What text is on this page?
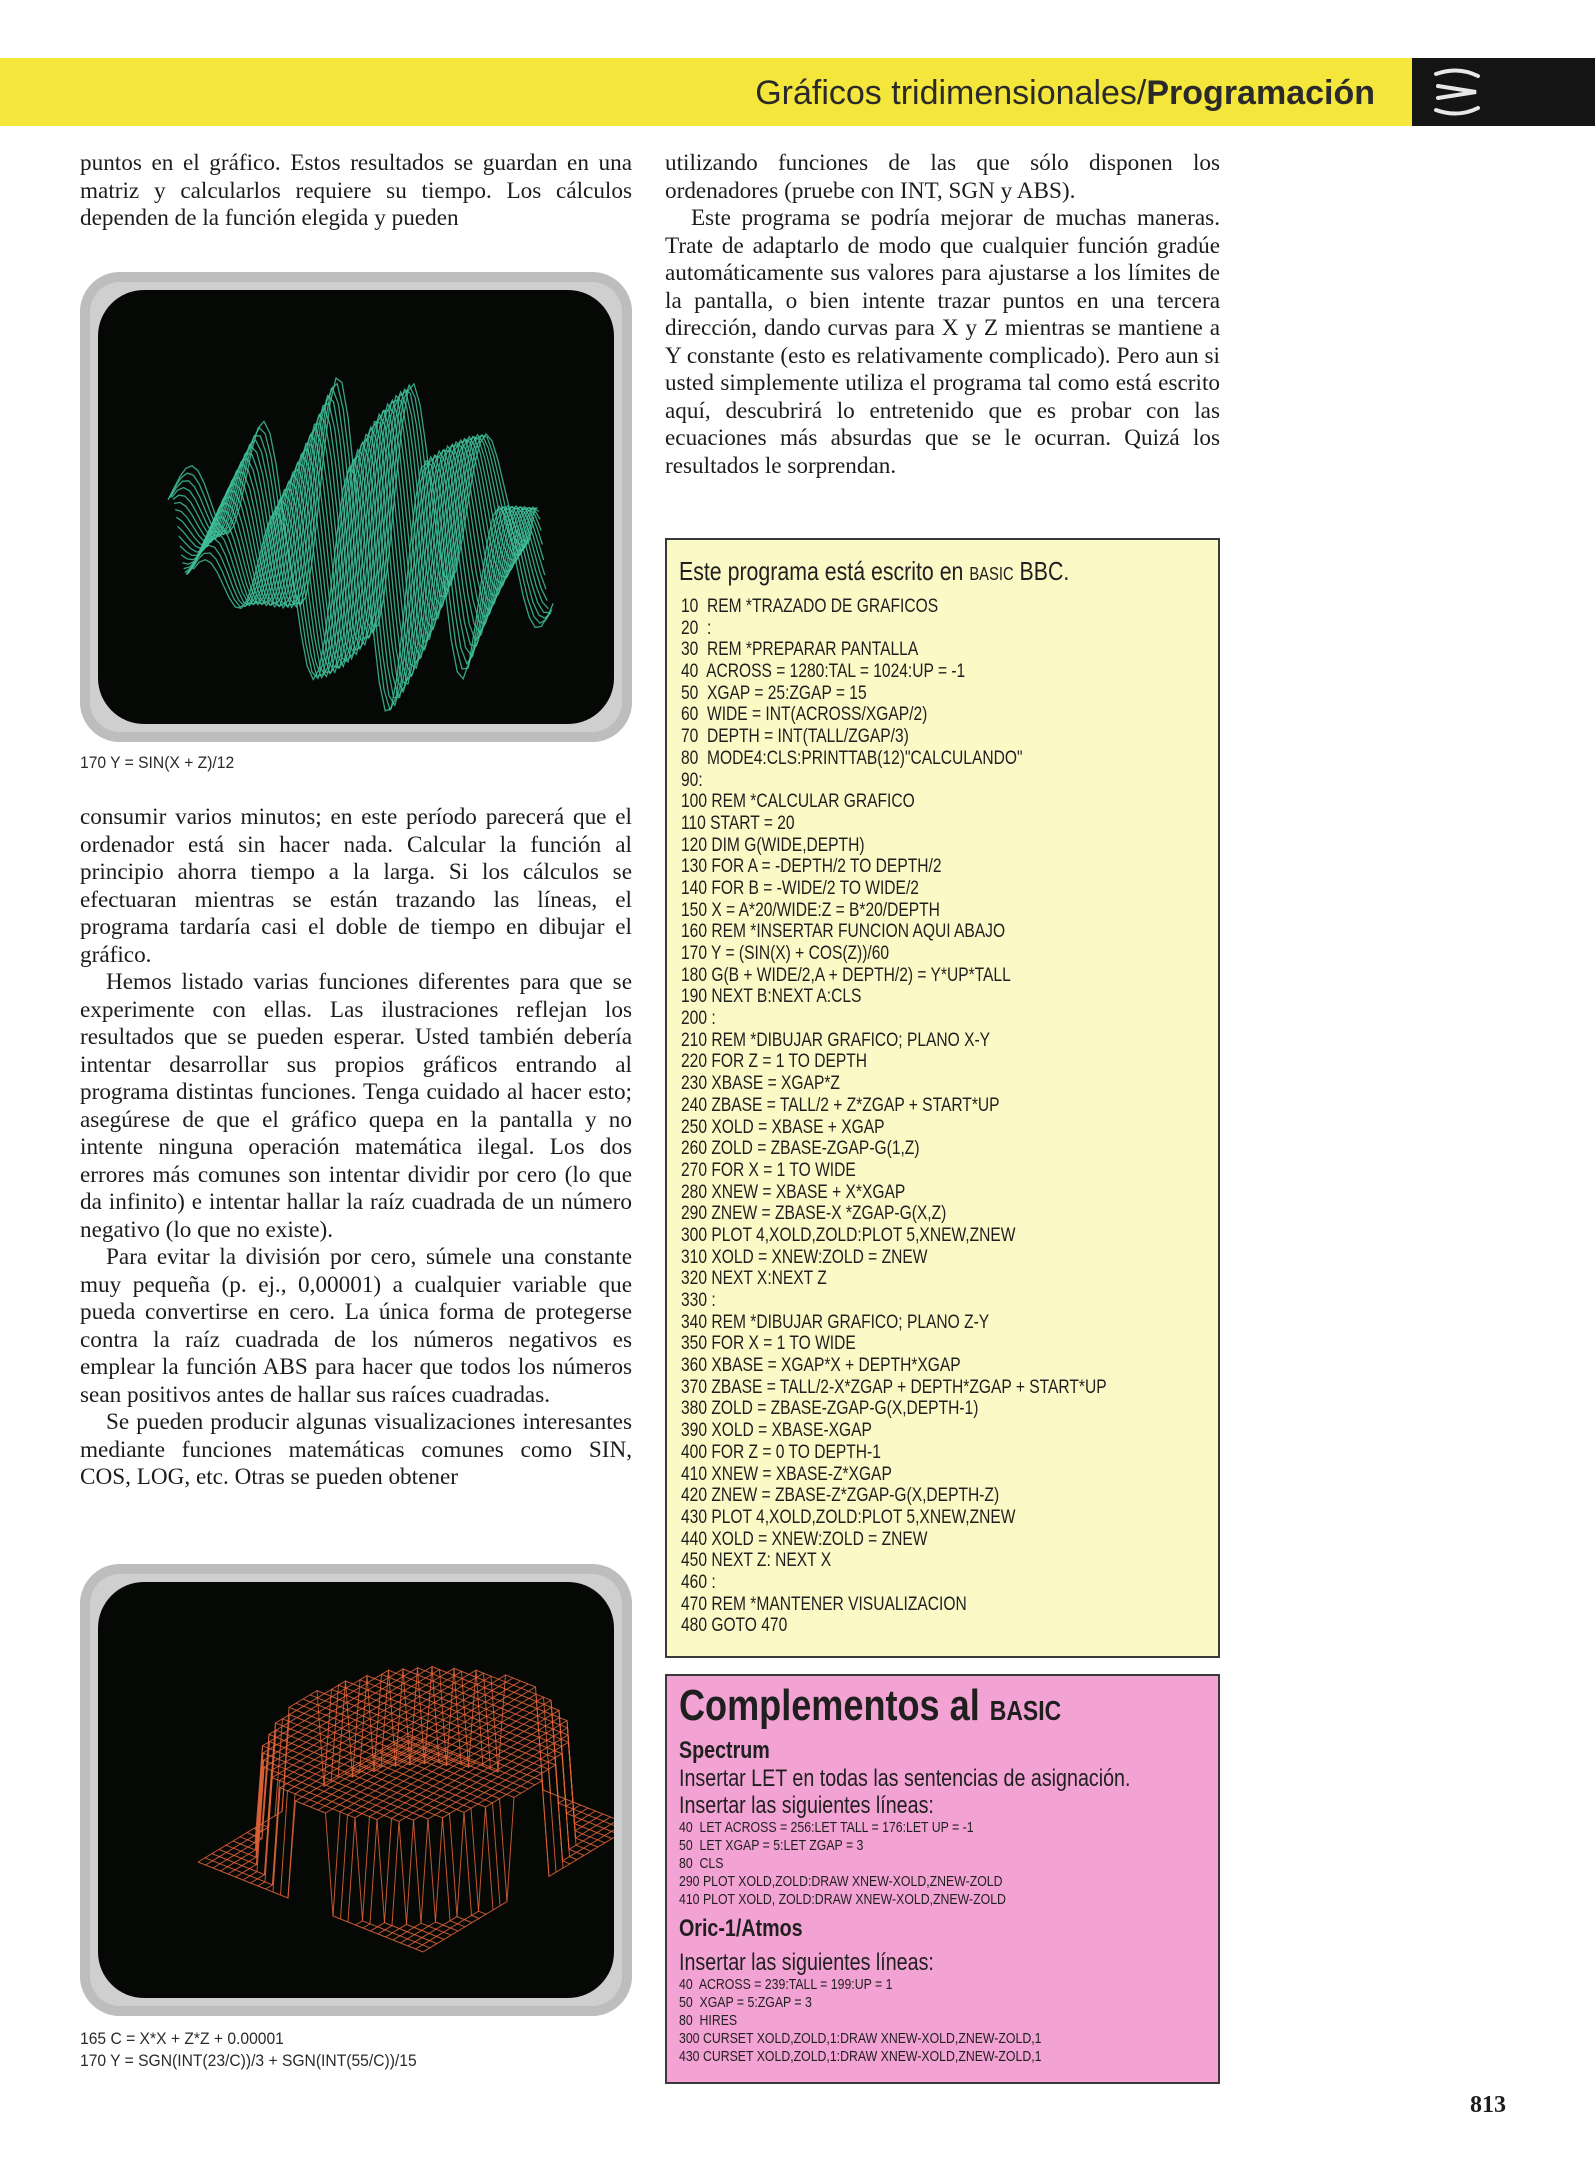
Gráficos tridimensionales/Programación

puntos en el gráfico. Estos resultados se guardan en una matriz y calcularlos requiere su tiempo. Los cálculos dependen de la función elegida y pueden

170 Y = SIN(X + Z)/12

consumir varios minutos; en este período parecerá que el ordenador está sin hacer nada. Calcular la función al principio ahorra tiempo a la larga. Si los cálculos se efectuaran mientras se están trazando las líneas, el programa tardaría casi el doble de tiempo en dibujar el gráfico.

Hemos listado varias funciones diferentes para que se experimente con ellas. Las ilustraciones reflejan los resultados que se pueden esperar. Usted también debería intentar desarrollar sus propios gráficos entrando al programa distintas funciones. Tenga cuidado al hacer esto; asegúrese de que el gráfico quepa en la pantalla y no intente ninguna operación matemática ilegal. Los dos errores más comunes son intentar dividir por cero (lo que da infinito) e intentar hallar la raíz cuadrada de un número negativo (lo que no existe).

Para evitar la división por cero, súmele una constante muy pequeña (p. ej., 0,00001) a cualquier variable que pueda convertirse en cero. La única forma de protegerse contra la raíz cuadrada de los números negativos es emplear la función ABS para hacer que todos los números sean positivos antes de hallar sus raíces cuadradas.

Se pueden producir algunas visualizaciones interesantes mediante funciones matemáticas comunes como SIN, COS, LOG, etc. Otras se pueden obtener

165 C = X*X + Z*Z + 0.00001
170 Y = SGN(INT(23/C))/3 + SGN(INT(55/C))/15

utilizando funciones de las que sólo disponen los ordenadores (pruebe con INT, SGN y ABS).

Este programa se podría mejorar de muchas maneras. Trate de adaptarlo de modo que cualquier función gradúe automáticamente sus valores para ajustarse a los límites de la pantalla, o bien intente trazar puntos en una tercera dirección, dando curvas para X y Z mientras se mantiene a Y constante (esto es relativamente complicado). Pero aun si usted simplemente utiliza el programa tal como está escrito aquí, descubrirá lo entretenido que es probar con las ecuaciones más absurdas que se le ocurran. Quizá los resultados le sorprendan.

Este programa está escrito en BASIC BBC.
10  REM *TRAZADO DE GRAFICOS
20  :
30  REM *PREPARAR PANTALLA
40  ACROSS = 1280:TAL = 1024:UP = -1
50  XGAP = 25:ZGAP = 15
60  WIDE = INT(ACROSS/XGAP/2)
70  DEPTH = INT(TALL/ZGAP/3)
80  MODE4:CLS:PRINTTAB(12)"CALCULANDO"
90:
100 REM *CALCULAR GRAFICO
110 START = 20
120 DIM G(WIDE,DEPTH)
130 FOR A = -DEPTH/2 TO DEPTH/2
140 FOR B = -WIDE/2 TO WIDE/2
150 X = A*20/WIDE:Z = B*20/DEPTH
160 REM *INSERTAR FUNCION AQUI ABAJO
170 Y = (SIN(X) + COS(Z))/60
180 G(B + WIDE/2,A + DEPTH/2) = Y*UP*TALL
190 NEXT B:NEXT A:CLS
200 :
210 REM *DIBUJAR GRAFICO; PLANO X-Y
220 FOR Z = 1 TO DEPTH
230 XBASE = XGAP*Z
240 ZBASE = TALL/2 + Z*ZGAP + START*UP
250 XOLD = XBASE + XGAP
260 ZOLD = ZBASE-ZGAP-G(1,Z)
270 FOR X = 1 TO WIDE
280 XNEW = XBASE + X*XGAP
290 ZNEW = ZBASE-X *ZGAP-G(X,Z)
300 PLOT 4,XOLD,ZOLD:PLOT 5,XNEW,ZNEW
310 XOLD = XNEW:ZOLD = ZNEW
320 NEXT X:NEXT Z
330 :
340 REM *DIBUJAR GRAFICO; PLANO Z-Y
350 FOR X = 1 TO WIDE
360 XBASE = XGAP*X + DEPTH*XGAP
370 ZBASE = TALL/2-X*ZGAP + DEPTH*ZGAP + START*UP
380 ZOLD = ZBASE-ZGAP-G(X,DEPTH-1)
390 XOLD = XBASE-XGAP
400 FOR Z = 0 TO DEPTH-1
410 XNEW = XBASE-Z*XGAP
420 ZNEW = ZBASE-Z*ZGAP-G(X,DEPTH-Z)
430 PLOT 4,XOLD,ZOLD:PLOT 5,XNEW,ZNEW
440 XOLD = XNEW:ZOLD = ZNEW
450 NEXT Z: NEXT X
460 :
470 REM *MANTENER VISUALIZACION
480 GOTO 470
Complementos al BASIC
Spectrum
Insertar LET en todas las sentencias de asignación.
Insertar las siguientes líneas:
40  LET ACROSS = 256:LET TALL = 176:LET UP = -1
50  LET XGAP = 5:LET ZGAP = 3
80  CLS
290 PLOT XOLD,ZOLD:DRAW XNEW-XOLD,ZNEW-ZOLD
410 PLOT XOLD, ZOLD:DRAW XNEW-XOLD,ZNEW-ZOLD
Oric-1/Atmos
Insertar las siguientes líneas:
40  ACROSS = 239:TALL = 199:UP = 1
50  XGAP = 5:ZGAP = 3
80  HIRES
300 CURSET XOLD,ZOLD,1:DRAW XNEW-XOLD,ZNEW-ZOLD,1
430 CURSET XOLD,ZOLD,1:DRAW XNEW-XOLD,ZNEW-ZOLD,1
813
